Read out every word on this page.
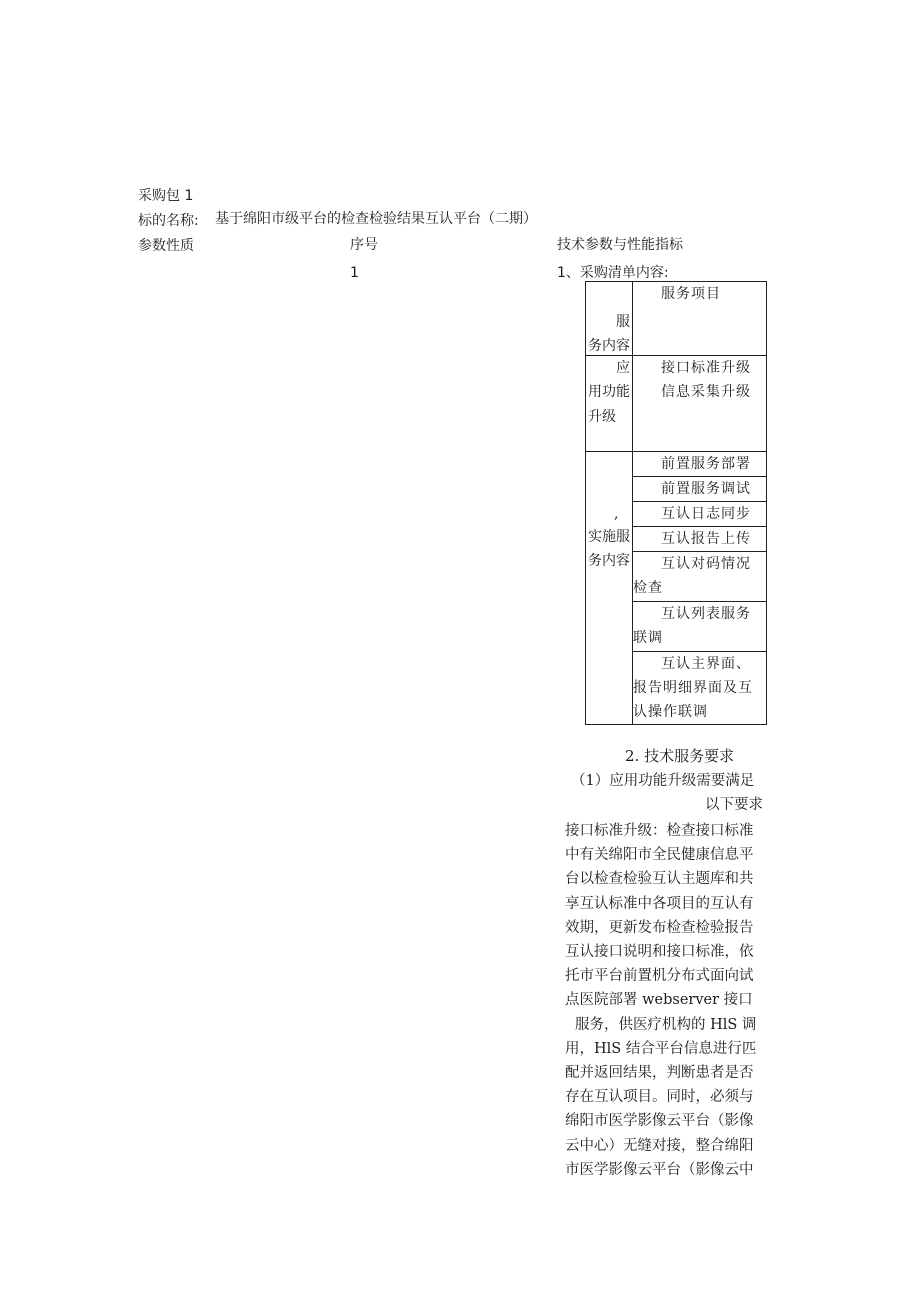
采购包 1
标的名称: 基于绵阳市级平台的检查检验结果互认平台（二期）
参数性质	序号	技术参数与性能指标
1	1、采购清单内容:
服
务内容	服务项目

应
用功能
升级	接口标准升级
	信息采集升级

,
实施服
务内容	前置服务部署
	前置服务调试
	互认日志同步
	互认报告上传
	互认对码情况检查
	互认列表服务联调
	互认主界面、报告明细界面及互认操作联调
2. 技术服务要求
（1）应用功能升级需要满足
以下要求

接口标准升级：检查接口标准

中有关绵阳市全民健康信息平

台以检查检验互认主题库和共

享互认标准中各项目的互认有

效期，更新发布检查检验报告

互认接口说明和接口标准，依

托市平台前置机分布式面向试

点医院部署 webserver 接口

服务，供医疗机构的 HlS 调

用，HlS 结合平台信息进行匹

配并返回结果，判断患者是否

存在互认项目。同时，必须与

绵阳市医学影像云平台（影像

云中心）无缝对接，整合绵阳

市医学影像云平台（影像云中
